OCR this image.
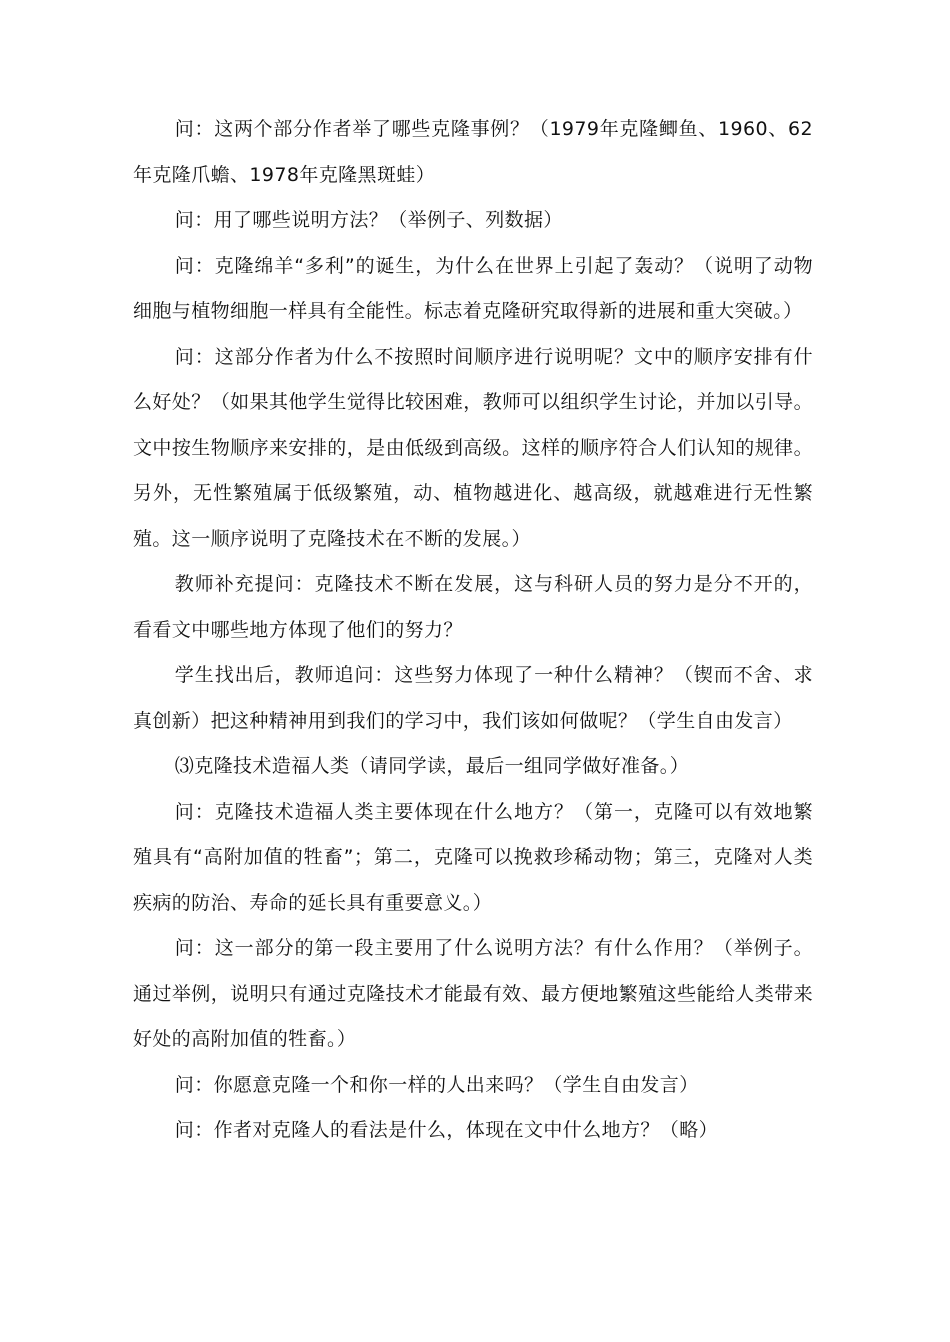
问：这两个部分作者举了哪些克隆事例？（1979年克隆鲫鱼、1960、62年克隆爪蟾、1978年克隆黑斑蛙）

问：用了哪些说明方法？（举例子、列数据）

问：克隆绵羊“多利”的诞生，为什么在世界上引起了轰动？（说明了动物细胞与植物细胞一样具有全能性。标志着克隆研究取得新的进展和重大突破。）

问：这部分作者为什么不按照时间顺序进行说明呢？文中的顺序安排有什么好处？（如果其他学生觉得比较困难，教师可以组织学生讨论，并加以引导。文中按生物顺序来安排的，是由低级到高级。这样的顺序符合人们认知的规律。另外，无性繁殖属于低级繁殖，动、植物越进化、越高级，就越难进行无性繁殖。这一顺序说明了克隆技术在不断的发展。）

教师补充提问：克隆技术不断在发展，这与科研人员的努力是分不开的，看看文中哪些地方体现了他们的努力？

学生找出后，教师追问：这些努力体现了一种什么精神？（锲而不舍、求真创新）把这种精神用到我们的学习中，我们该如何做呢？（学生自由发言）

⑶克隆技术造福人类（请同学读，最后一组同学做好准备。）

问：克隆技术造福人类主要体现在什么地方？（第一，克隆可以有效地繁殖具有“高附加值的牲畜”；第二，克隆可以挽救珍稀动物；第三，克隆对人类疾病的防治、寿命的延长具有重要意义。）

问：这一部分的第一段主要用了什么说明方法？有什么作用？（举例子。通过举例，说明只有通过克隆技术才能最有效、最方便地繁殖这些能给人类带来好处的高附加值的牲畜。）

问：你愿意克隆一个和你一样的人出来吗？（学生自由发言）

问：作者对克隆人的看法是什么，体现在文中什么地方？（略）
